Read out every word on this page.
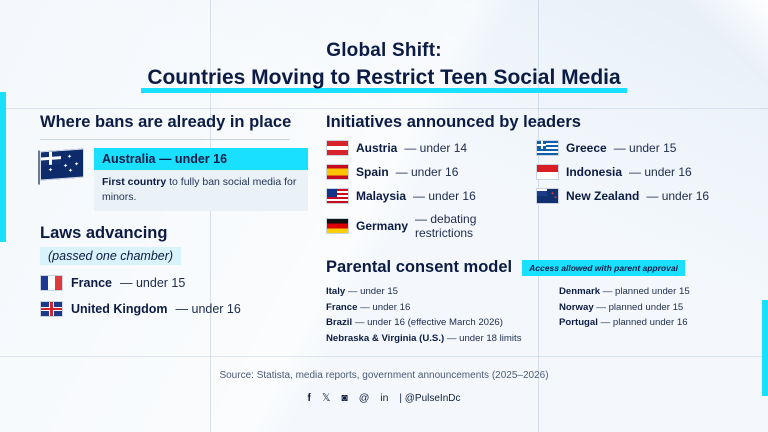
Global Shift:
Countries Moving to Restrict Teen Social Media
Where bans are already in place
✦
✦
✦
✦
✦
Australia — under 16
First country to fully ban social media for minors.
Laws advancing
(passed one chamber)
France — under 15
United Kingdom — under 16
Initiatives announced by leaders
Austria — under 14
Spain — under 16
Malaysia — under 16
Germany — debating restrictions
Greece — under 15
Indonesia — under 16
✦
✦ New Zealand — under 16
Parental consent model	Access allowed with parent approval
Italy — under 15
France — under 16
Brazil — under 16 (effective March 2026)
Nebraska & Virginia (U.S.) — under 18 limits
Denmark — planned under 15
Norway — planned under 15
Portugal — planned under 16
Source: Statista, media reports, government announcements (2025–2026)
𝐟 𝕏 ◙ @ in | @PulseInDc
